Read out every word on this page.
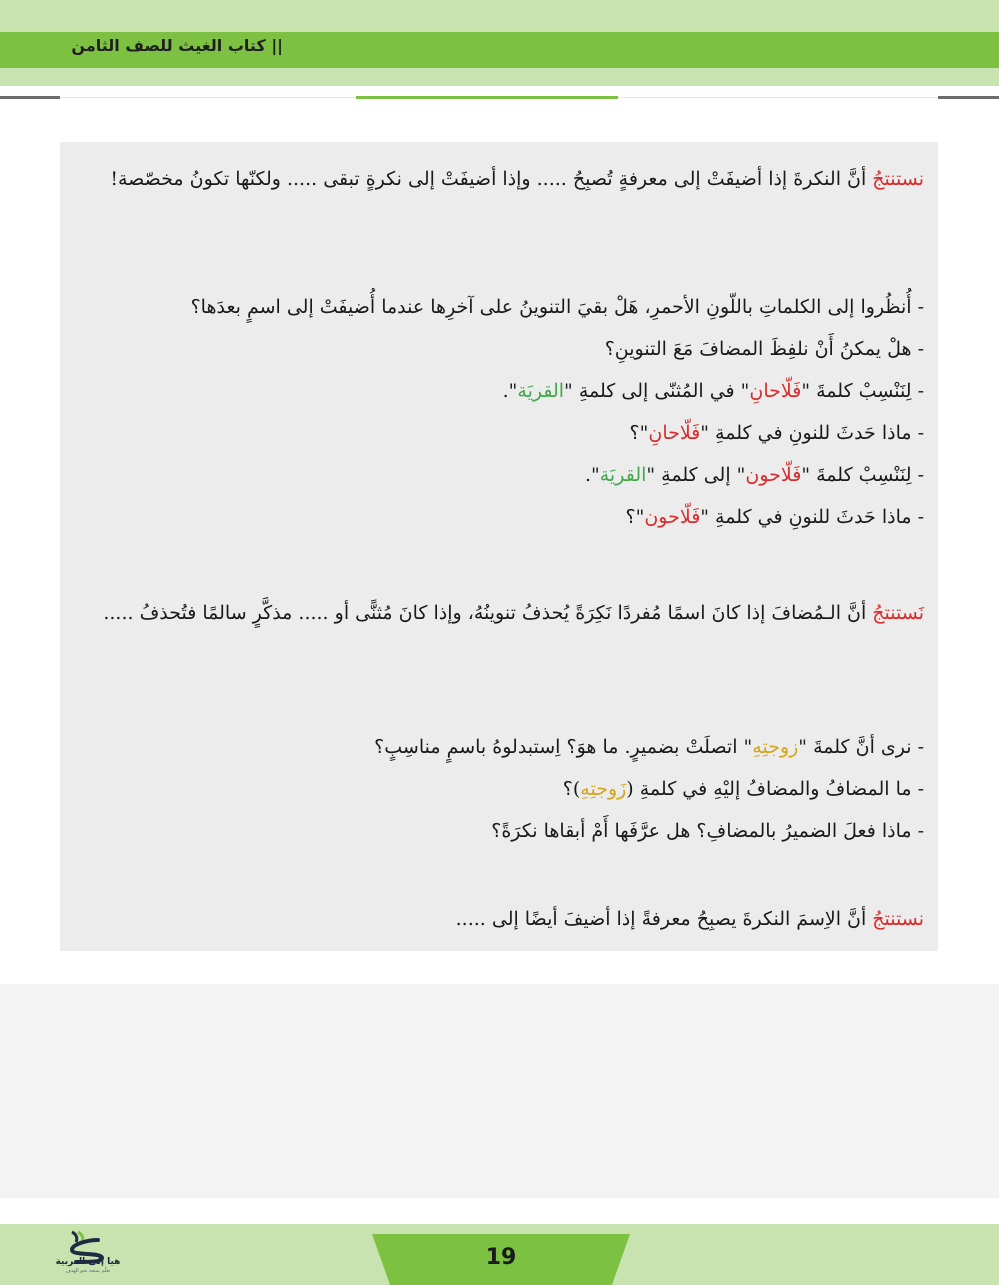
|| كتاب الغيث للصف الثامن

نستنتجُ أنَّ النكرةَ إذا أضيفَتْ إلى معرفةٍ تُصبِحُ ..... وإذا أضيفَتْ إلى نكرةٍ تبقى ..... ولكنّها تكونُ مخصّصة!

- أُنظُروا إلى الكلماتِ باللّونِ الأحمرِ، هَلْ بقيَ التنوينُ على آخرِها عندما أُضيفَتْ إلى اسمٍ بعدَها؟

- هلْ يمكنُ أَنْ نلفِظَ المضافَ مَعَ التنوينِ؟

- لِنَنْسِبْ كلمةَ "فَلّاحانِ" في المُثنّى إلى كلمةِ "القريَة".

- ماذا حَدثَ للنونِ في كلمةِ "فَلّاحانِ"؟

- لِنَنْسِبْ كلمةَ "فَلّاحون" إلى كلمةِ "القريَة".

- ماذا حَدثَ للنونِ في كلمةِ "فَلّاحون"؟

نَستنتجُ أنَّ الـمُضافَ إذا كانَ اسمًا مُفردًا نَكِرَةً يُحذفُ تنوينُهُ، وإذا كانَ مُثنًّى أو ..... مذكَّرٍ سالمًا فتُحذفُ .....

- نرى أنَّ كلمةَ "زوجتِهِ" اتصلَتْ بضميرٍ. ما هوَ؟ اِستبدلوهُ باسمٍ مناسِبٍ؟

- ما المضافُ والمضافُ إليْهِ في كلمةِ (زَوجتِهِ)؟

- ماذا فعلَ الضميرُ بالمضافِ؟ هل عرَّفَها أَمْ أبقاها نكرَةً؟

نستنتجُ أنَّ الاِسمَ النكرةَ يصبِحُ معرفةً إذا أضيفَ أيضًا إلى .....

19
هيا إلى العربية
تعلّم بمتعة نحو الهدف
